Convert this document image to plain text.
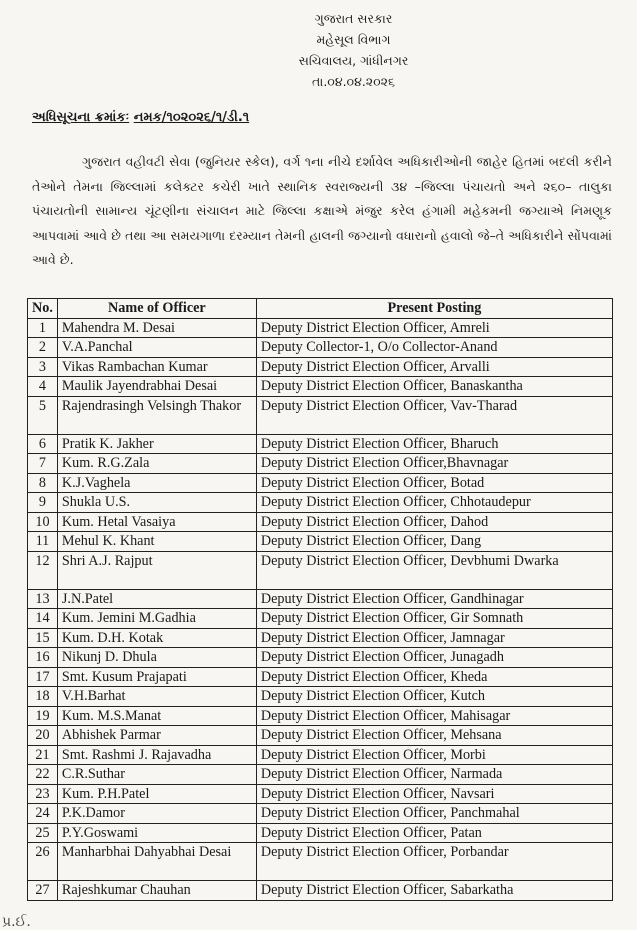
ગુજરાત સરકાર
મહેસૂલ વિભાગ
સચિવાલય, ગાંધીનગર
તા.૦૪.૦૪.૨૦૨૬
અધિસૂચના ક્રમાંકઃ નમક/૧૦૨૦૨૬/૧/ડી.૧
ગુજરાત વહીવટી સેવા (જુનિયર સ્કેલ), વર્ગ ૧ના નીચે દર્શાવેલ અધિકારીઓની જાહેર હિતમાં બદલી કરીને તેઓને તેમના જિલ્લામાં કલેક્ટર કચેરી ખાતે સ્થાનિક સ્વરાજ્યની ૩૪ –જિલ્લા પંચાયતો અને ૨૬૦– તાલુકા પંચાયતોની સામાન્ય ચૂંટણીના સંચાલન માટે જિલ્લા કક્ષાએ મંજુર કરેલ હંગામી મહેકમની જગ્યાએ નિમણૂક આપવામાં આવે છે તથા આ સમયગાળા દરમ્યાન તેમની હાલની જગ્યાનો વધારાનો હવાલો જે–તે અધિકારીને સોંપવામાં આવે છે.
No.	Name of Officer	Present Posting
1	Mahendra M. Desai	Deputy District Election Officer, Amreli
2	V.A.Panchal	Deputy Collector-1, O/o Collector-Anand
3	Vikas Rambachan Kumar	Deputy District Election Officer, Arvalli
4	Maulik Jayendrabhai Desai	Deputy District Election Officer, Banaskantha
5	Rajendrasingh Velsingh Thakor	Deputy District Election Officer, Vav-Tharad
6	Pratik K. Jakher	Deputy District Election Officer, Bharuch
7	Kum. R.G.Zala	Deputy District Election Officer,Bhavnagar
8	K.J.Vaghela	Deputy District Election Officer, Botad
9	Shukla U.S.	Deputy District Election Officer, Chhotaudepur
10	Kum. Hetal Vasaiya	Deputy District Election Officer, Dahod
11	Mehul K. Khant	Deputy District Election Officer, Dang
12	Shri A.J. Rajput	Deputy District Election Officer, Devbhumi Dwarka
13	J.N.Patel	Deputy District Election Officer, Gandhinagar
14	Kum. Jemini M.Gadhia	Deputy District Election Officer, Gir Somnath
15	Kum. D.H. Kotak	Deputy District Election Officer, Jamnagar
16	Nikunj D. Dhula	Deputy District Election Officer, Junagadh
17	Smt. Kusum Prajapati	Deputy District Election Officer, Kheda
18	V.H.Barhat	Deputy District Election Officer, Kutch
19	Kum. M.S.Manat	Deputy District Election Officer, Mahisagar
20	Abhishek Parmar	Deputy District Election Officer, Mehsana
21	Smt. Rashmi J. Rajavadha	Deputy District Election Officer, Morbi
22	C.R.Suthar	Deputy District Election Officer, Narmada
23	Kum. P.H.Patel	Deputy District Election Officer, Navsari
24	P.K.Damor	Deputy District Election Officer, Panchmahal
25	P.Y.Goswami	Deputy District Election Officer, Patan
26	Manharbhai Dahyabhai Desai	Deputy District Election Officer, Porbandar
27	Rajeshkumar Chauhan	Deputy District Election Officer, Sabarkatha
પ્ર.ઈ.
